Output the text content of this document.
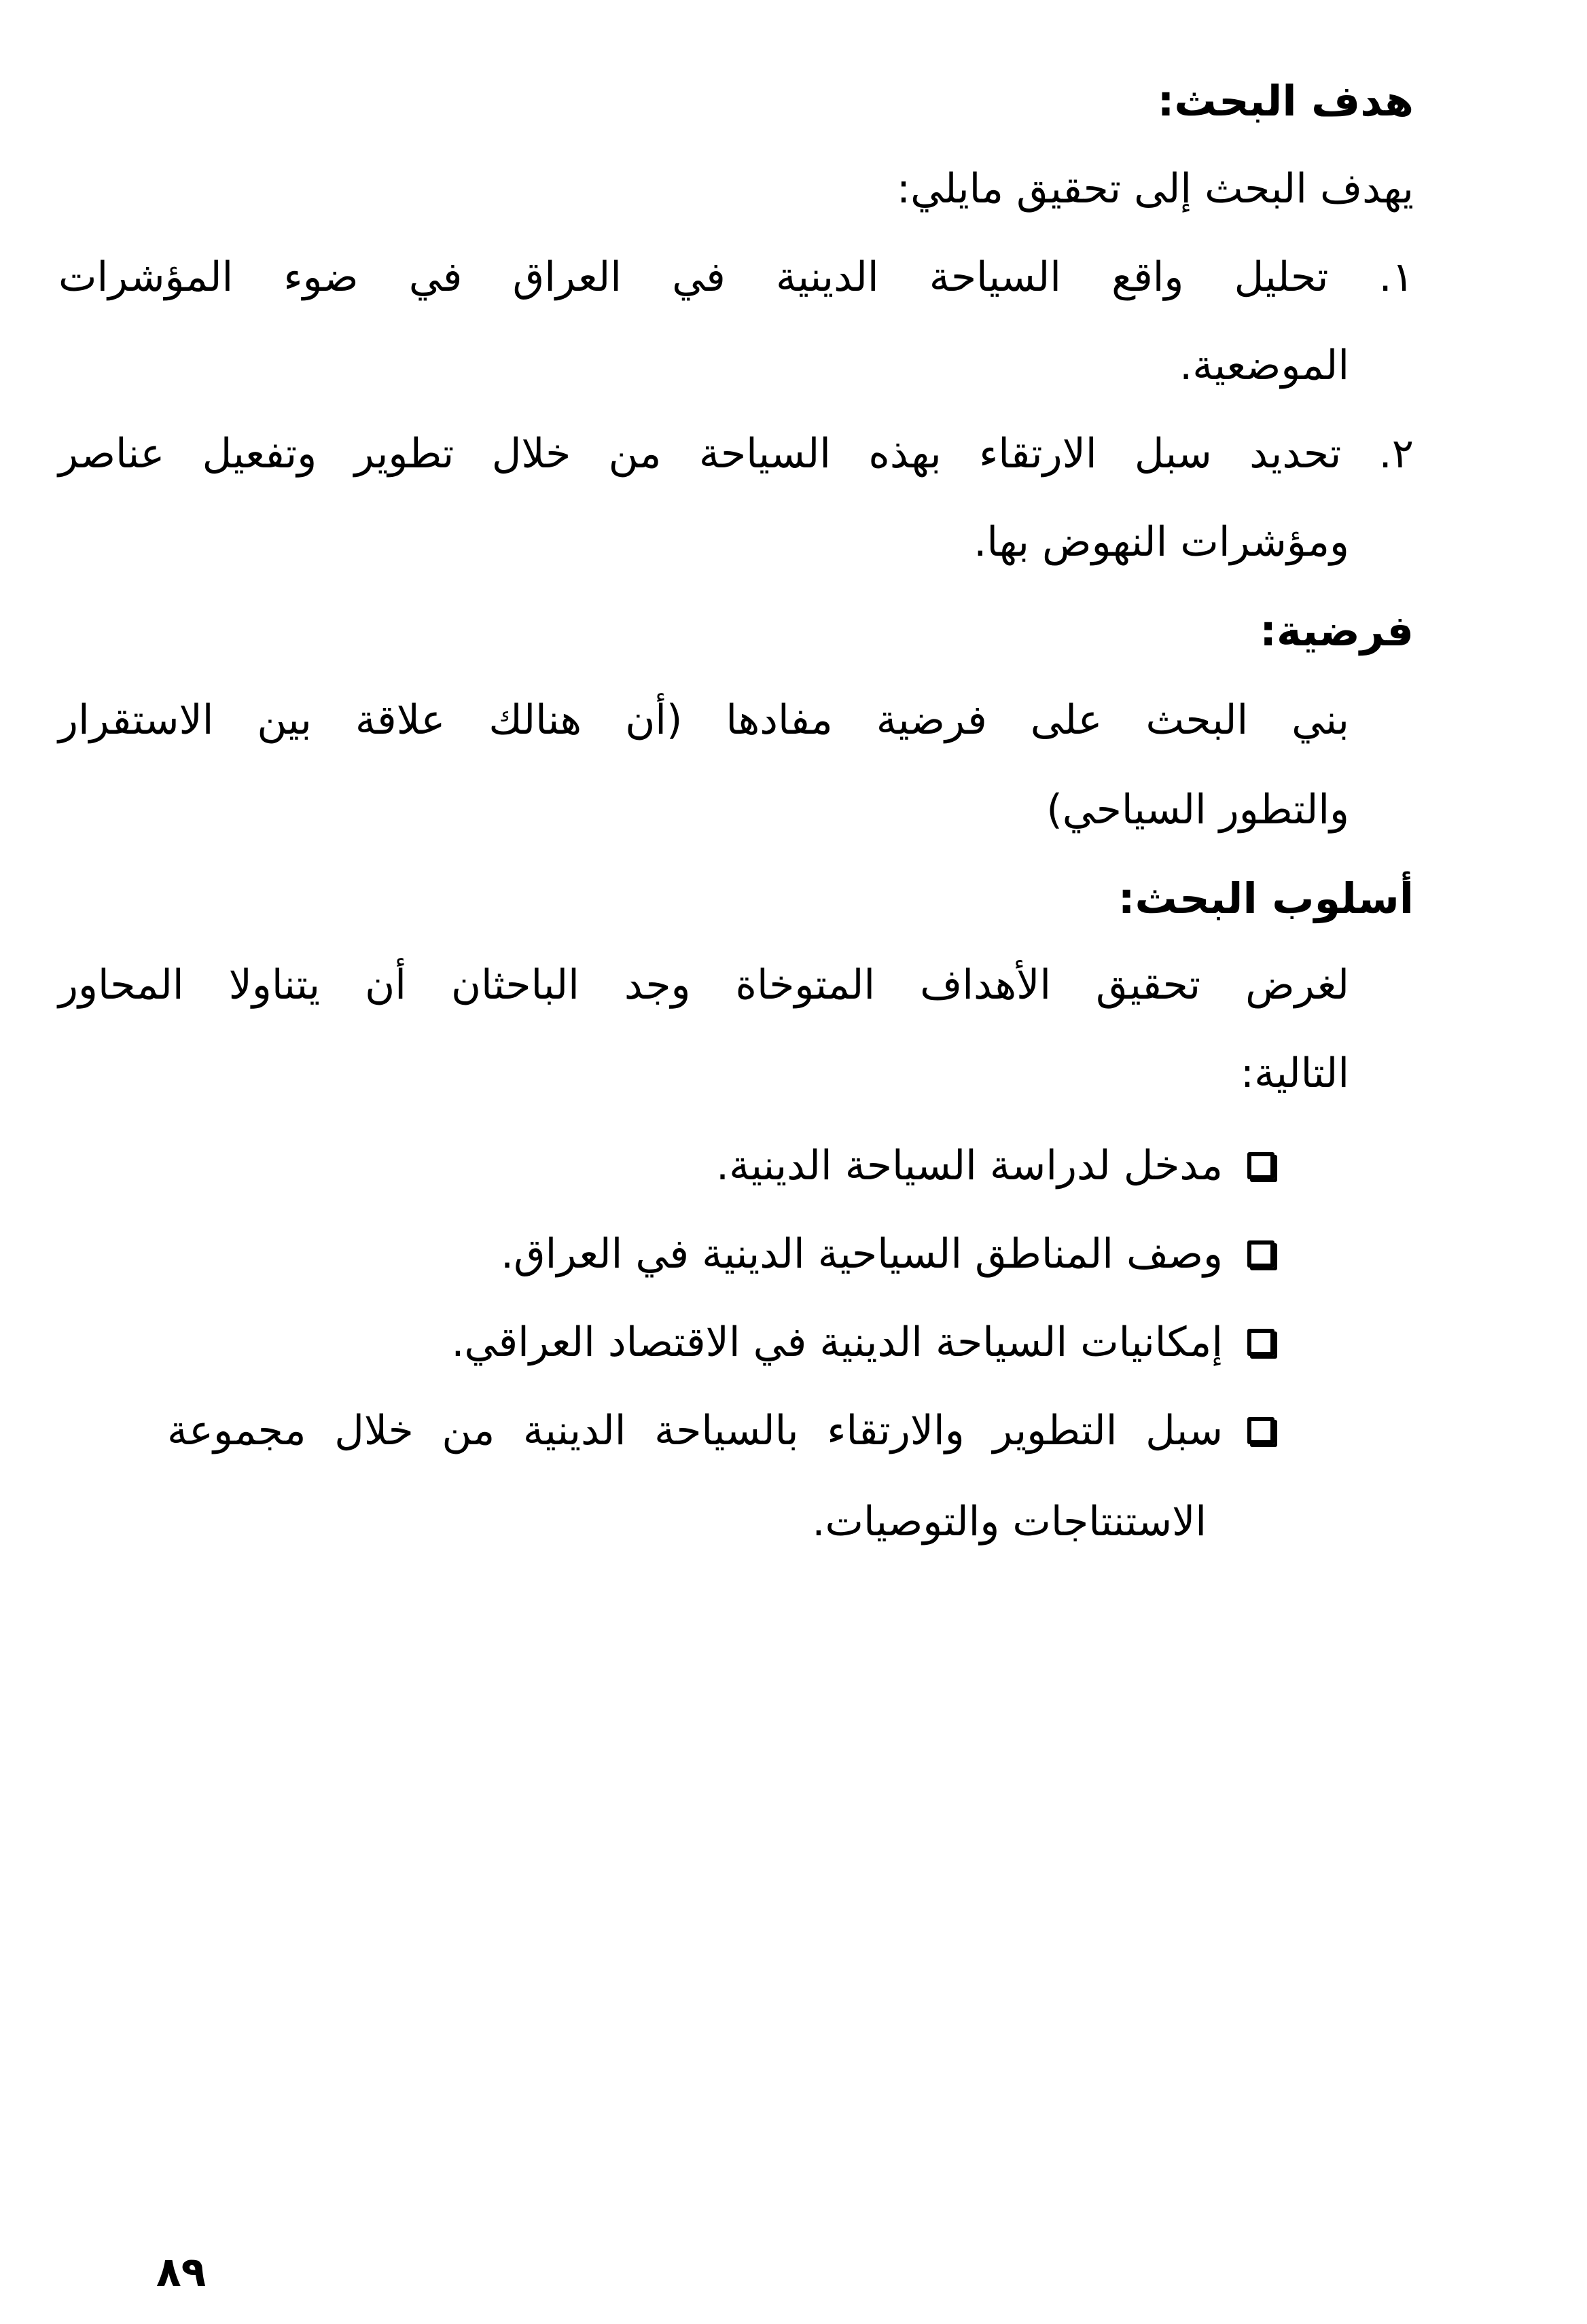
هدف البحث:

يهدف البحث إلى تحقيق مايلي:

١. تحليل واقع السياحة الدينية في العراق في ضوء المؤشرات

الموضعية.

٢. تحديد سبل الارتقاء بهذه السياحة من خلال تطوير وتفعيل عناصر

ومؤشرات النهوض بها.

فرضية:

بني البحث على فرضية مفادها (أن هنالك علاقة بين الاستقرار

والتطور السياحي)

أسلوب البحث:

لغرض تحقيق الأهداف المتوخاة وجد الباحثان أن يتناولا المحاور

التالية:

مدخل لدراسة السياحة الدينية.
وصف المناطق السياحية الدينية في العراق.
إمكانيات السياحة الدينية في الاقتصاد العراقي.
سبل التطوير والارتقاء بالسياحة الدينية من خلال مجموعة

الاستنتاجات والتوصيات.

٨٩
